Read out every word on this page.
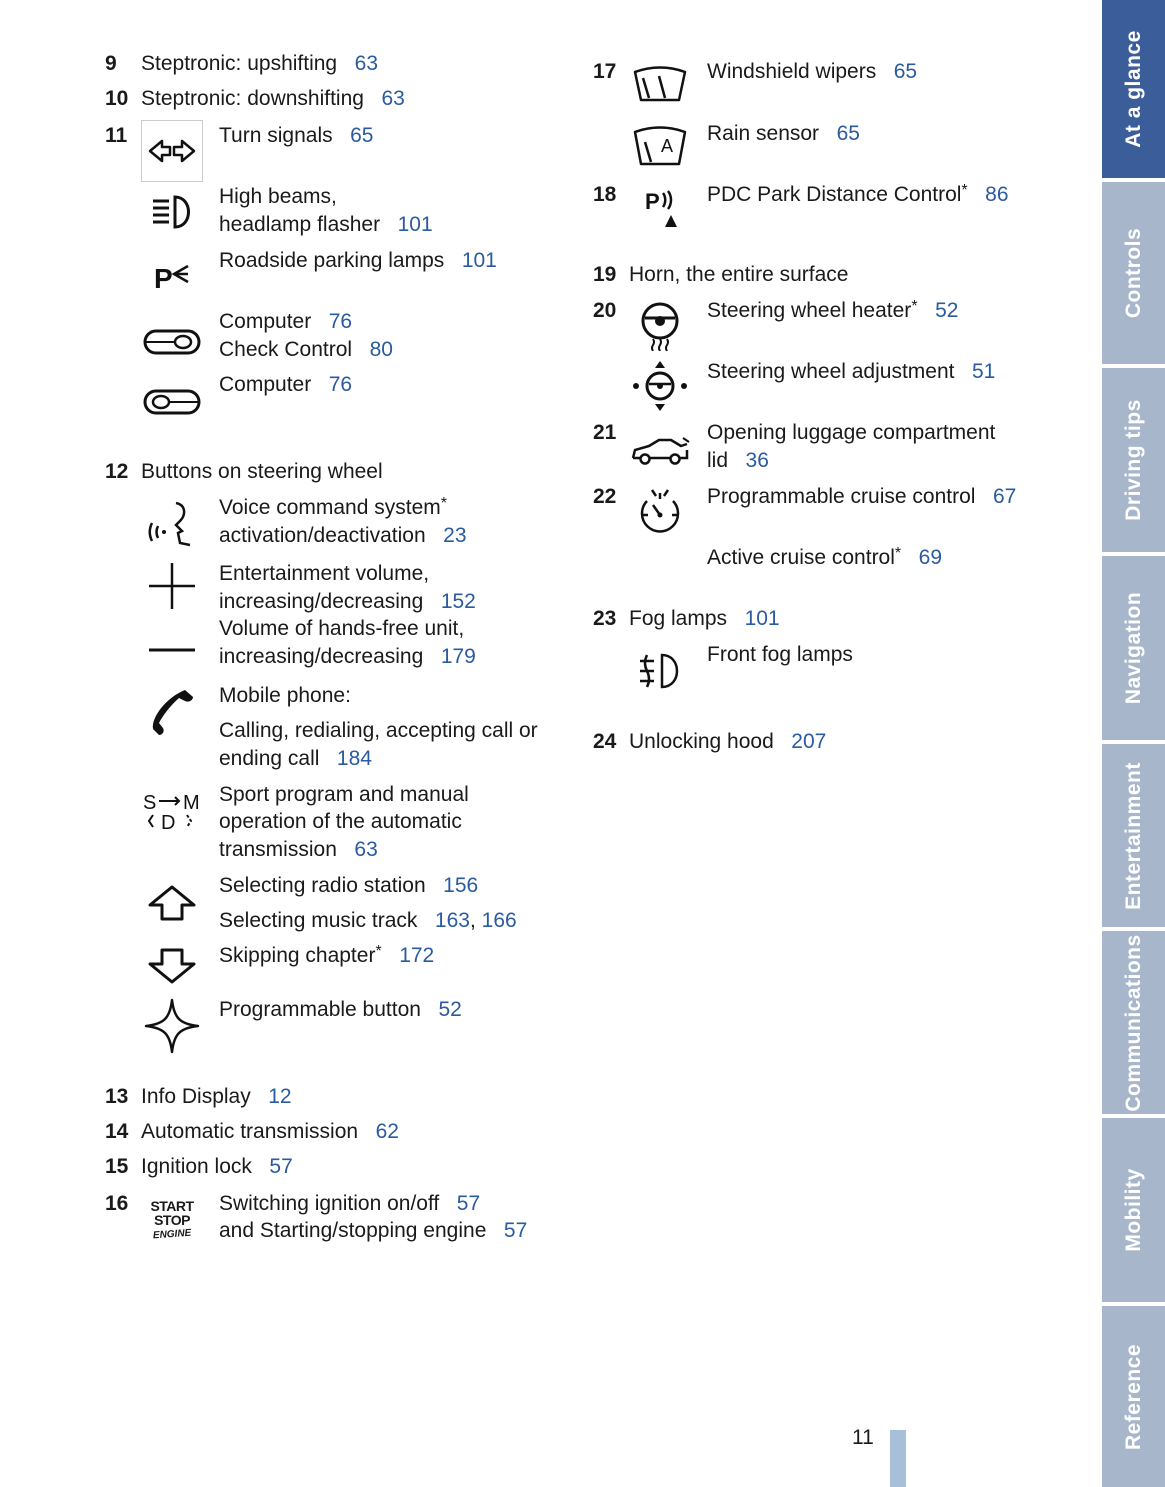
9 Steptronic: upshifting 63
10 Steptronic: downshifting 63
11	Turn signals 65
High beams,
headlamp flasher 101
P
Roadside parking lamps 101
Computer 76
Check Control 80
Computer 76
12 Buttons on steering wheel
Voice command system*
activation/deactivation 23
Entertainment volume,
increasing/decreasing 152
Volume of hands-free unit,
increasing/decreasing 179
Mobile phone:
Calling, redialing, accepting call or
ending call 184
S M
D
Sport program and manual
operation of the automatic
transmission 63
Selecting radio station 156
Selecting music track 163, 166
Skipping chapter* 172
Programmable button 52
13 Info Display 12
14 Automatic transmission 62
15 Ignition lock 57
16 START
STOP
ENGINE
Switching ignition on/off 57
and Starting/stopping engine 57
17	Windshield wipers 65
A
Rain sensor 65
18 P PDC Park Distance Control* 86
19 Horn, the entire surface
20	Steering wheel heater* 52
Steering wheel adjustment 51
21	Opening luggage compartment
lid 36
22	Programmable cruise control 67
Active cruise control* 69
23 Fog lamps 101
Front fog lamps
24 Unlocking hood 207
11
At a glance
Controls
Driving tips
Navigation
Entertainment
Communications
Mobility
Reference
